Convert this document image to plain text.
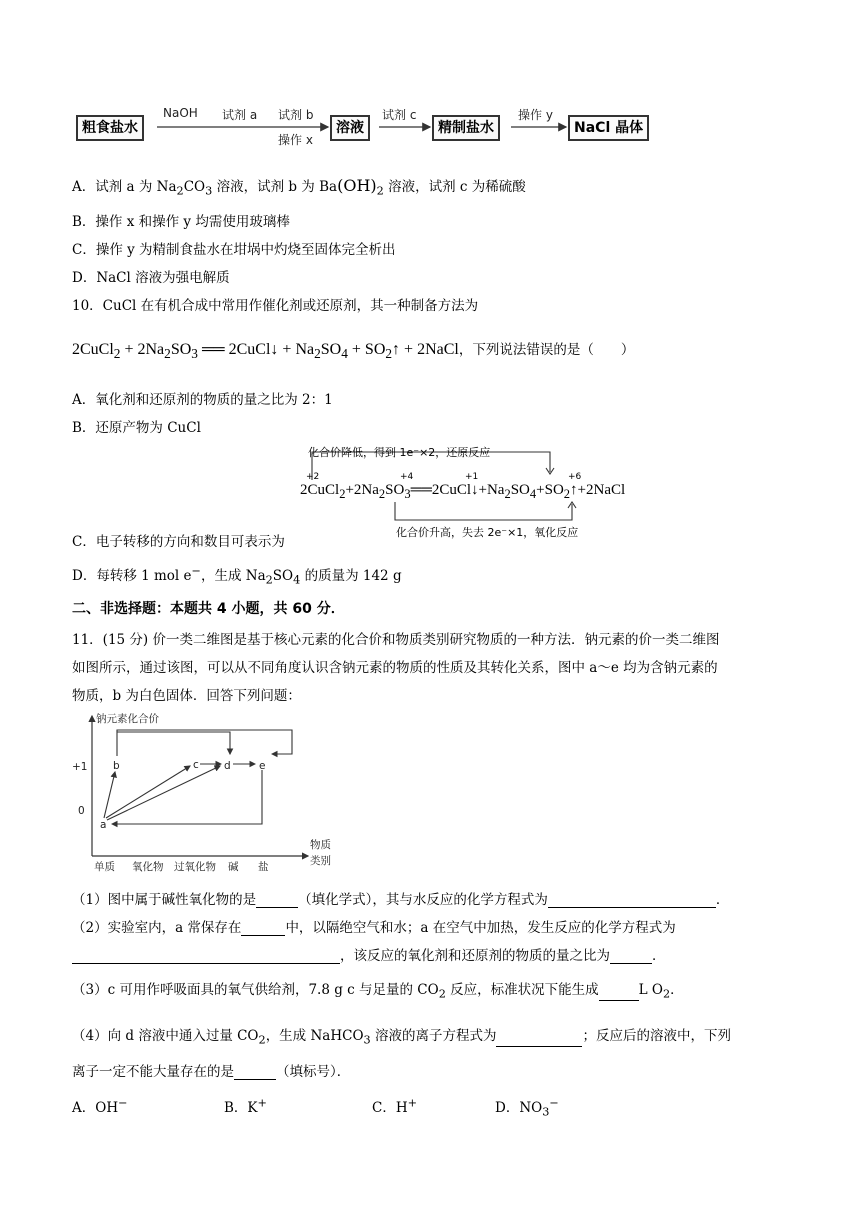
粗食盐水	溶液	精制盐水	NaCl 晶体
NaOH 试剂 a 试剂 b
操作 x
试剂 c	操作 y
A．试剂 a 为 $Na_2CO_3$ 溶液，试剂 b 为 $Ba(OH)_2$ 溶液，试剂 c 为稀硫酸
B．操作 x 和操作 y 均需使用玻璃棒
C．操作 y 为精制食盐水在坩埚中灼烧至固体完全析出
D．NaCl 溶液为强电解质
10．CuCl 在有机合成中常用作催化剂或还原剂，其一种制备方法为
2CuCl$_2$ + $2Na_2SO_3$ ══ 2CuCl↓ + $Na_2SO_4$ + $SO_2↑$ + 2NaCl，下列说法错误的是（　　）
A．氧化剂和还原剂的物质的量之比为 2：1
B．还原产物为 CuCl
化合价降低，得到 1e⁻×2，还原反应
+2	+4	+1	+6
$2CuCl_2+2Na_2SO_3══2CuCl↓+Na_2SO_4+SO_2↑+2NaCl$
化合价升高，失去 2e⁻×1，氧化反应
C．电子转移的方向和数目可表示为
D．每转移 1 mol e−，生成 $Na_2SO_4$ 的质量为 142 g
二、非选择题：本题共 4 小题，共 60 分．
11．(15 分) 价一类二维图是基于核心元素的化合价和物质类别研究物质的一种方法．钠元素的价一类二维图
如图所示，通过该图，可以从不同角度认识含钠元素的物质的性质及其转化关系，图中 a～e 均为含钠元素的
物质，b 为白色固体．回答下列问题：
钠元素化合价
物质
类别
+1
0
单质 氧化物 过氧化物 碱 盐
a
b	c d	e
（1）图中属于碱性氧化物的是	（填化学式），其与水反应的化学方程式为	．
（2）实验室内，a 常保存在	中，以隔绝空气和水；a 在空气中加热，发生反应的化学方程式为
，该反应的氧化剂和还原剂的物质的量之比为	．
（3）c 可用作呼吸面具的氧气供给剂，7.8 g c 与足量的 $CO_2$ 反应，标准状况下能生成	L $O_2$．
（4）向 d 溶液中通入过量 $CO_2$，生成 NaHCO$_3$ 溶液的离子方程式为	；反应后的溶液中，下列
离子一定不能大量存在的是	（填标号）．
A．OH−	B．K+	C．H+	D．$NO_3^-$
